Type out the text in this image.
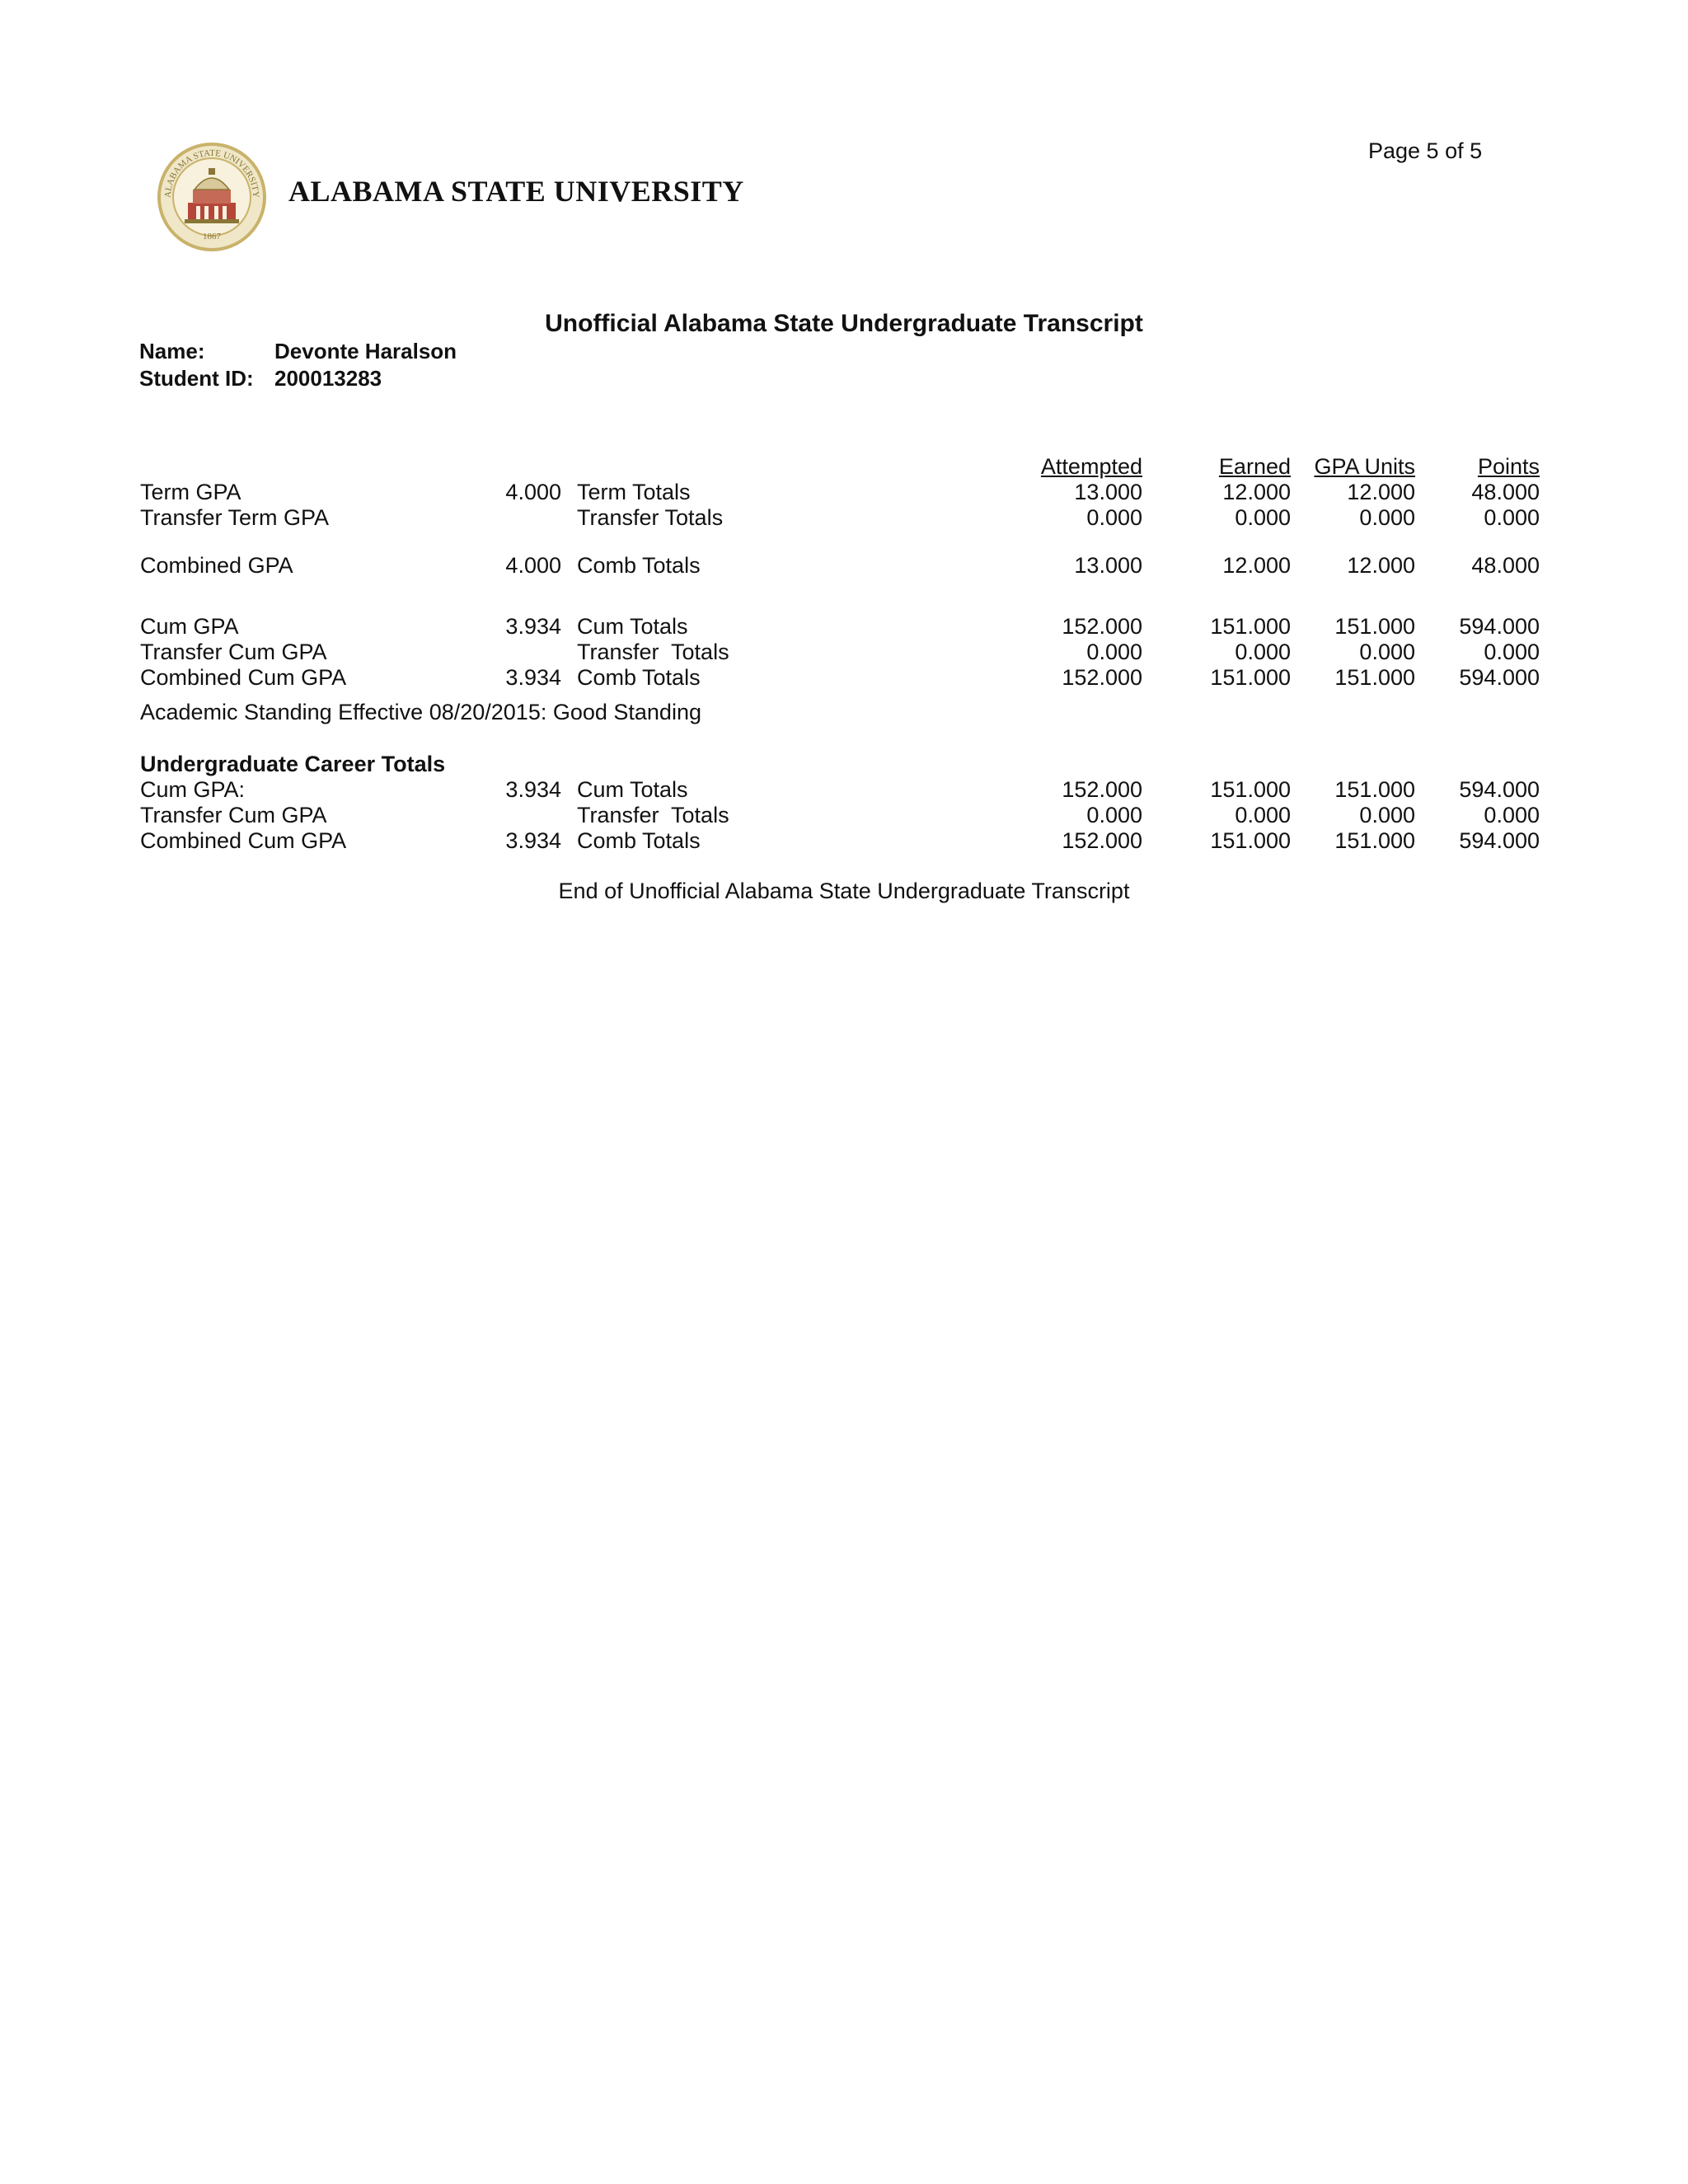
Page 5 of 5
ALABAMA STATE UNIVERSITY
1867
ALABAMA STATE UNIVERSITY
Unofficial Alabama State Undergraduate Transcript
Name:	Devonte Haralson
Student ID: 200013283
Attempted	Earned	GPA Units	Points
Term GPA	4.000 Term Totals	13.000	12.000	12.000	48.000
Transfer Term GPA	Transfer Totals	0.000	0.000	0.000	0.000
Combined GPA	4.000 Comb Totals	13.000	12.000	12.000	48.000
Cum GPA	3.934 Cum Totals	152.000	151.000	151.000	594.000
Transfer Cum GPA	Transfer  Totals	0.000	0.000	0.000	0.000
Combined Cum GPA	3.934 Comb Totals	152.000	151.000	151.000	594.000
Academic Standing Effective 08/20/2015: Good Standing
Undergraduate Career Totals
Cum GPA:	3.934 Cum Totals	152.000	151.000	151.000	594.000
Transfer Cum GPA	Transfer  Totals	0.000	0.000	0.000	0.000
Combined Cum GPA	3.934 Comb Totals	152.000	151.000	151.000	594.000
End of Unofficial Alabama State Undergraduate Transcript
